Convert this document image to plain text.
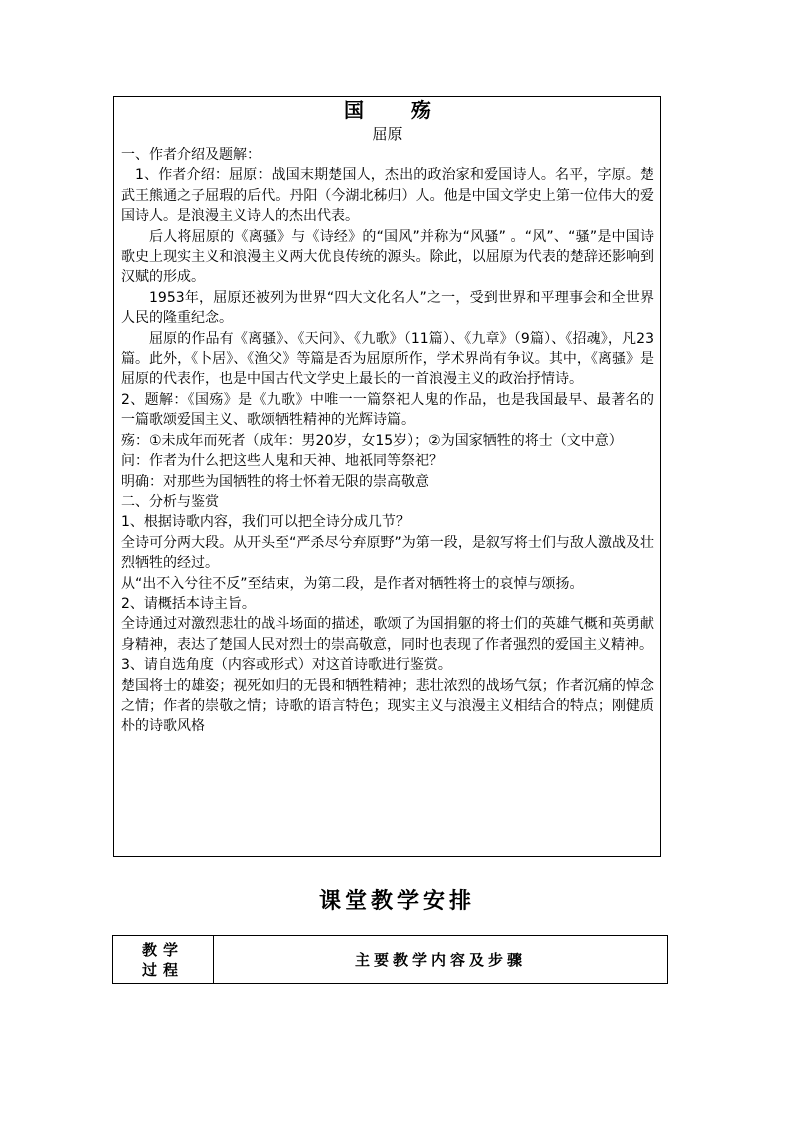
国 殇
屈原

一、作者介绍及题解：

1、作者介绍：屈原：战国末期楚国人，杰出的政治家和爱国诗人。名平，字原。楚武王熊通之子屈瑕的后代。丹阳（今湖北秭归）人。他是中国文学史上第一位伟大的爱国诗人。是浪漫主义诗人的杰出代表。

后人将屈原的《离骚》与《诗经》的“国风”并称为“风骚” 。“风”、“骚”是中国诗歌史上现实主义和浪漫主义两大优良传统的源头。除此，以屈原为代表的楚辞还影响到汉赋的形成。

1953年，屈原还被列为世界“四大文化名人”之一，受到世界和平理事会和全世界人民的隆重纪念。

屈原的作品有《离骚》、《天问》、《九歌》（11篇）、《九章》（9篇）、《招魂》，凡23篇。此外，《卜居》、《渔父》等篇是否为屈原所作，学术界尚有争议。其中，《离骚》是屈原的代表作，也是中国古代文学史上最长的一首浪漫主义的政治抒情诗。

2、题解：《国殇》是《九歌》中唯一一篇祭祀人鬼的作品，也是我国最早、最著名的一篇歌颂爱国主义、歌颂牺牲精神的光辉诗篇。

殇：①未成年而死者（成年：男20岁，女15岁）；②为国家牺牲的将士（文中意）

问：作者为什么把这些人鬼和天神、地祇同等祭祀？

明确：对那些为国牺牲的将士怀着无限的崇高敬意

二、分析与鉴赏

1、根据诗歌内容，我们可以把全诗分成几节？

全诗可分两大段。从开头至“严杀尽兮弃原野”为第一段，是叙写将士们与敌人激战及壮烈牺牲的经过。

从“出不入兮往不反”至结束，为第二段，是作者对牺牲将士的哀悼与颂扬。

2、请概括本诗主旨。

全诗通过对激烈悲壮的战斗场面的描述，歌颂了为国捐躯的将士们的英雄气概和英勇献身精神，表达了楚国人民对烈士的崇高敬意，同时也表现了作者强烈的爱国主义精神。

3、请自选角度（内容或形式）对这首诗歌进行鉴赏。

楚国将士的雄姿；视死如归的无畏和牺牲精神；悲壮浓烈的战场气氛；作者沉痛的悼念之情；作者的崇敬之情；诗歌的语言特色；现实主义与浪漫主义相结合的特点；刚健质朴的诗歌风格

课堂教学安排
教学
过程
	主要教学内容及步骤
